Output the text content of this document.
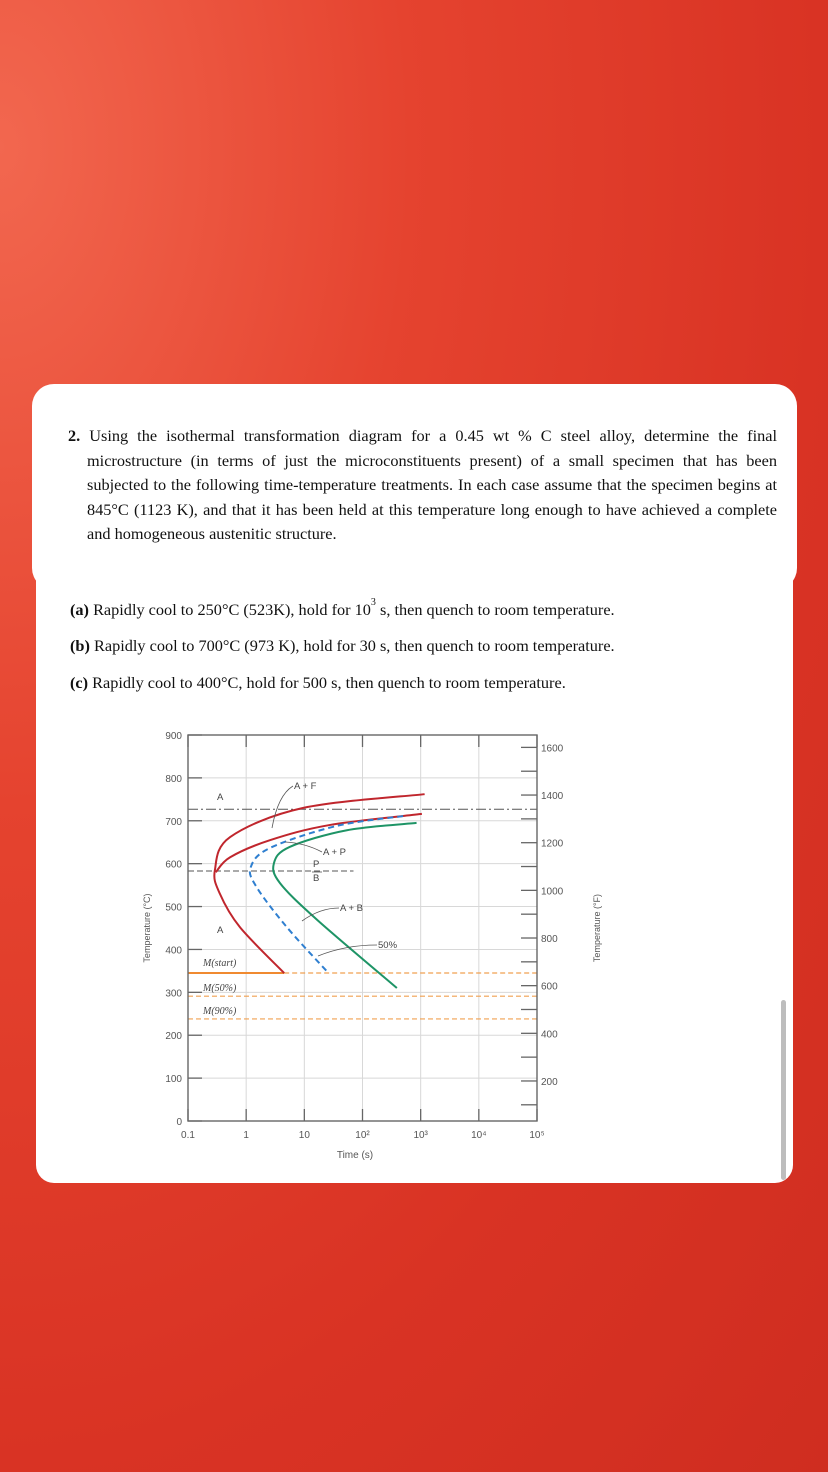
2. Using the isothermal transformation diagram for a 0.45 wt % C steel alloy, determine the final microstructure (in terms of just the microconstituents present) of a small specimen that has been subjected to the following time-temperature treatments. In each case assume that the specimen begins at 845°C (1123 K), and that it has been held at this temperature long enough to have achieved a complete and homogeneous austenitic structure.
(a) Rapidly cool to 250°C (523K), hold for $10^3$ s, then quench to room temperature.
(b) Rapidly cool to 700°C (973 K), hold for 30 s, then quench to room temperature.
(c) Rapidly cool to 400°C, hold for 500 s, then quench to room temperature.
0.1	1	10	10²	10³	10⁴	10⁵
0
100
200
300
400
500
600
700
800
900
200
400
600
800
1000
1200
1400
1600
Time (s)
Temperature (°C)	Temperature (°F)
A
A + F
A + P
P
B
A + B
A
50%
M(start)
M(50%)
M(90%)
